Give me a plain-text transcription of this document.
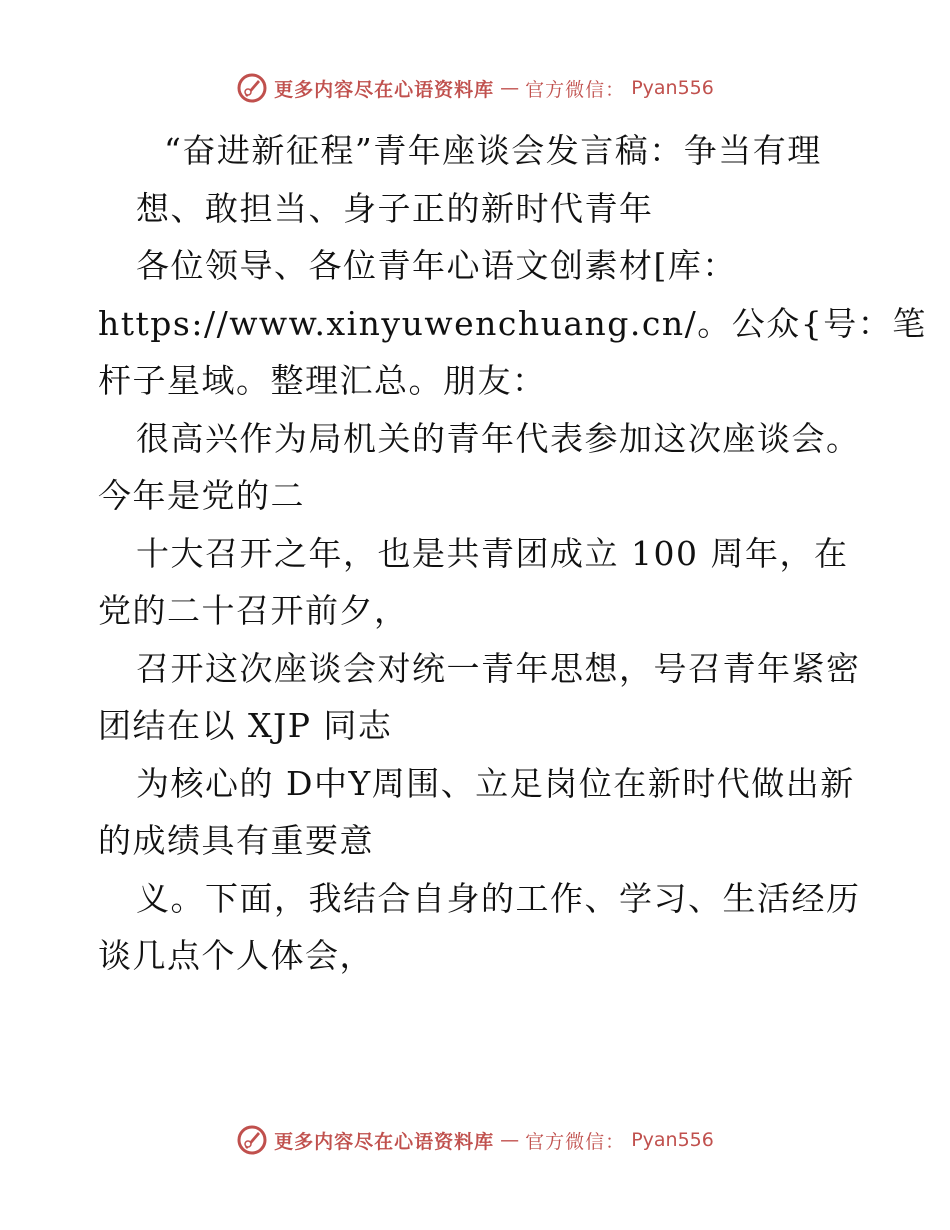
更多内容尽在心语资料库 — 官方微信： Pyan556
“奋进新征程”青年座谈会发言稿：争当有理
想、敢担当、身子正的新时代青年
各位领导、各位青年心语文创素材[库：
https://www.xinyuwenchuang.cn/。公众{号：笔
杆子星域。整理汇总。朋友：
很高兴作为局机关的青年代表参加这次座谈会。
今年是党的二
十大召开之年，也是共青团成立 100 周年，在
党的二十召开前夕，
召开这次座谈会对统一青年思想，号召青年紧密
团结在以 XJP 同志
为核心的 D中Y周围、立足岗位在新时代做出新
的成绩具有重要意
义。下面，我结合自身的工作、学习、生活经历
谈几点个人体会，
更多内容尽在心语资料库 — 官方微信： Pyan556
